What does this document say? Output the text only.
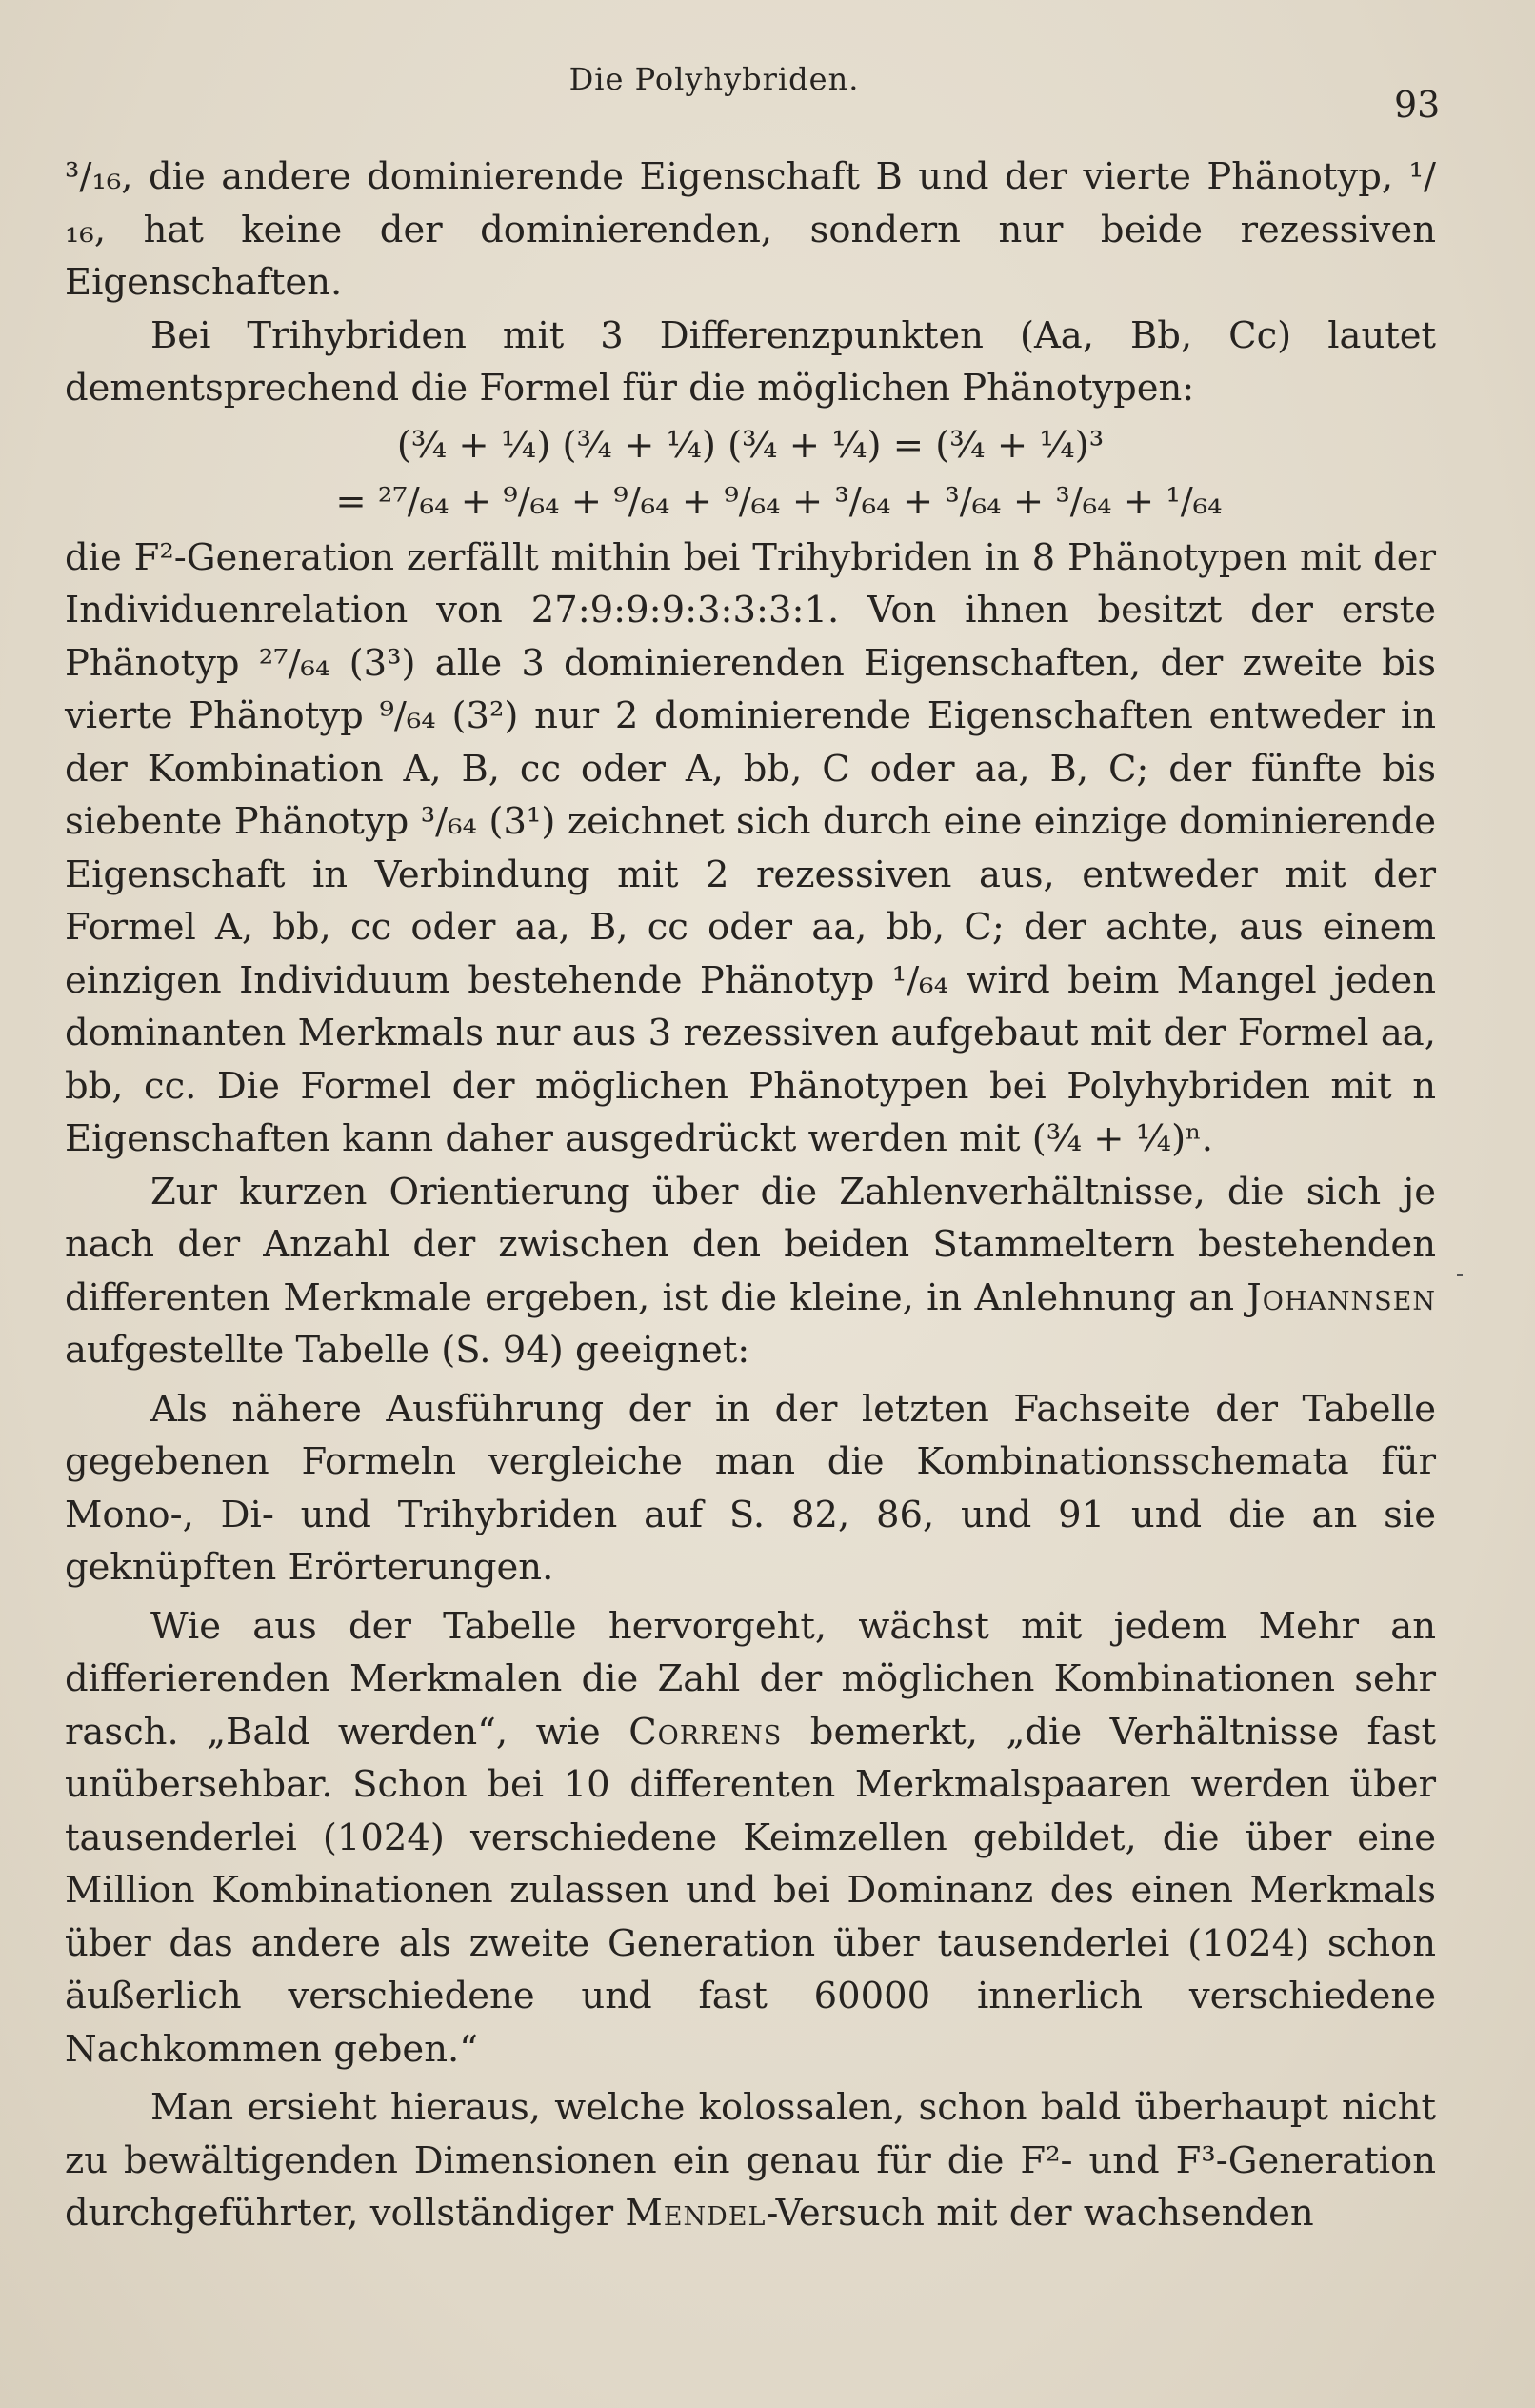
Die Polyhybriden.
93

³/₁₆, die andere dominierende Eigenschaft B und der vierte Phänotyp, ¹/₁₆, hat keine der dominierenden, sondern nur beide rezessiven Eigenschaften.

Bei Trihybriden mit 3 Differenzpunkten (Aa, Bb, Cc) lautet dementsprechend die Formel für die möglichen Phänotypen:

(¾ + ¼) (¾ + ¼) (¾ + ¼) = (¾ + ¼)³
= ²⁷/₆₄ + ⁹/₆₄ + ⁹/₆₄ + ⁹/₆₄ + ³/₆₄ + ³/₆₄ + ³/₆₄ + ¹/₆₄

die F²-Generation zerfällt mithin bei Trihybriden in 8 Phänotypen mit der Individuenrelation von 27:9:9:9:3:3:3:1. Von ihnen besitzt der erste Phänotyp ²⁷/₆₄ (3³) alle 3 dominierenden Eigenschaften, der zweite bis vierte Phänotyp ⁹/₆₄ (3²) nur 2 dominierende Eigenschaften entweder in der Kombination A, B, cc oder A, bb, C oder aa, B, C; der fünfte bis siebente Phänotyp ³/₆₄ (3¹) zeichnet sich durch eine einzige dominierende Eigenschaft in Verbindung mit 2 rezessiven aus, entweder mit der Formel A, bb, cc oder aa, B, cc oder aa, bb, C; der achte, aus einem einzigen Individuum bestehende Phänotyp ¹/₆₄ wird beim Mangel jeden dominanten Merkmals nur aus 3 rezessiven aufgebaut mit der Formel aa, bb, cc. Die Formel der möglichen Phänotypen bei Polyhybriden mit n Eigenschaften kann daher ausgedrückt werden mit (¾ + ¼)ⁿ.

Zur kurzen Orientierung über die Zahlenverhältnisse, die sich je nach der Anzahl der zwischen den beiden Stammeltern bestehenden differenten Merkmale ergeben, ist die kleine, in Anlehnung an Johannsen aufgestellte Tabelle (S. 94) geeignet:

Als nähere Ausführung der in der letzten Fachseite der Tabelle gegebenen Formeln vergleiche man die Kombinationsschemata für Mono-, Di- und Trihybriden auf S. 82, 86, und 91 und die an sie geknüpften Erörterungen.

Wie aus der Tabelle hervorgeht, wächst mit jedem Mehr an differierenden Merkmalen die Zahl der möglichen Kombinationen sehr rasch. „Bald werden“, wie Correns bemerkt, „die Verhältnisse fast unübersehbar. Schon bei 10 differenten Merkmalspaaren werden über tausenderlei (1024) verschiedene Keimzellen gebildet, die über eine Million Kombinationen zulassen und bei Dominanz des einen Merkmals über das andere als zweite Generation über tausenderlei (1024) schon äußerlich verschiedene und fast 60000 innerlich verschiedene Nachkommen geben.“

Man ersieht hieraus, welche kolossalen, schon bald überhaupt nicht zu bewältigenden Dimensionen ein genau für die F²- und F³-Generation durchgeführter, vollständiger Mendel-Versuch mit der wachsenden
